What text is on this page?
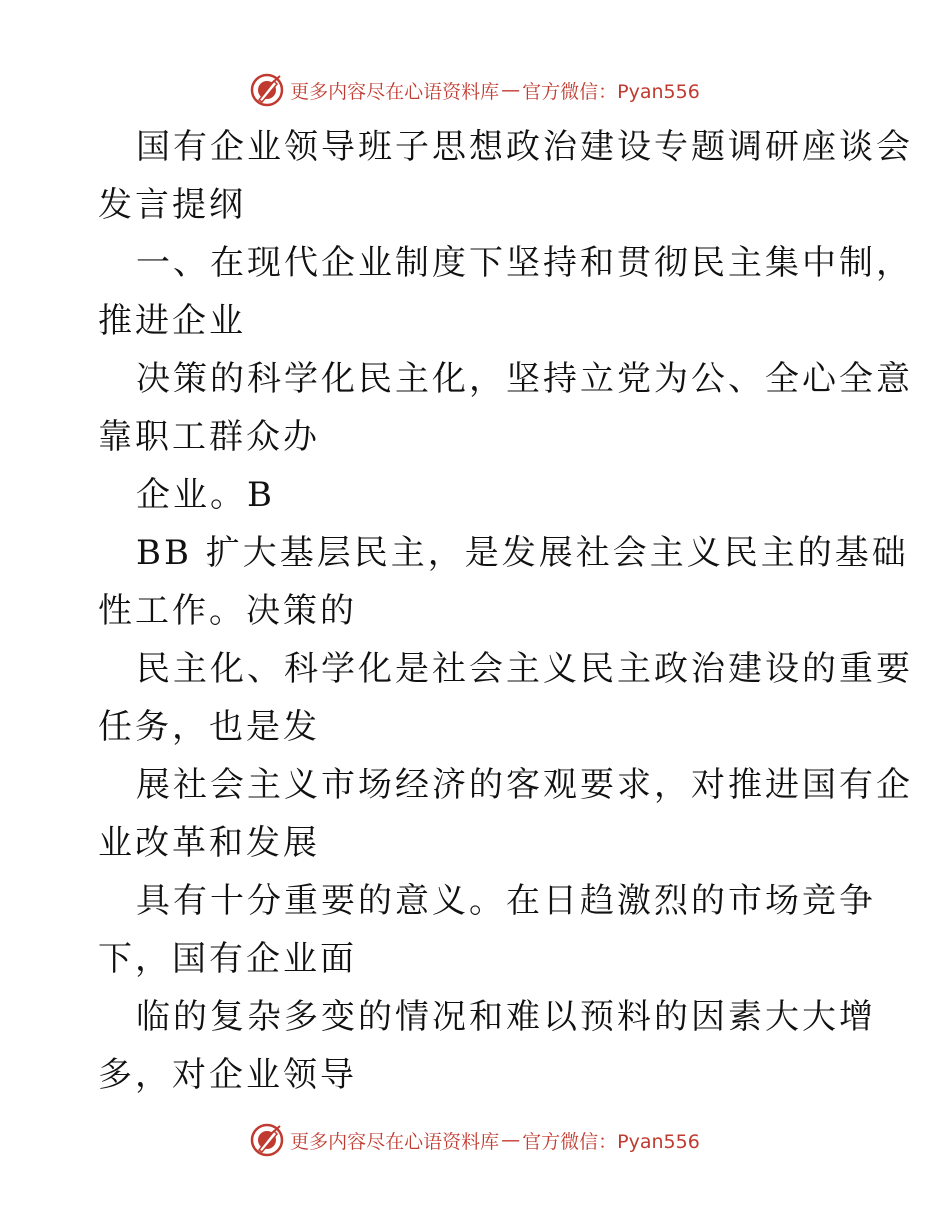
更多内容尽在心语资料库 — 官方微信：Pyan556
国有企业领导班子思想政治建设专题调研座谈会
发言提纲
一、在现代企业制度下坚持和贯彻民主集中制，
推进企业
决策的科学化民主化，坚持立党为公、全心全意
靠职工群众办
企业。B
BB 扩大基层民主，是发展社会主义民主的基础
性工作。决策的
民主化、科学化是社会主义民主政治建设的重要
任务，也是发
展社会主义市场经济的客观要求，对推进国有企
业改革和发展
具有十分重要的意义。在日趋激烈的市场竞争
下，国有企业面
临的复杂多变的情况和难以预料的因素大大增
多，对企业领导
更多内容尽在心语资料库 — 官方微信：Pyan556
